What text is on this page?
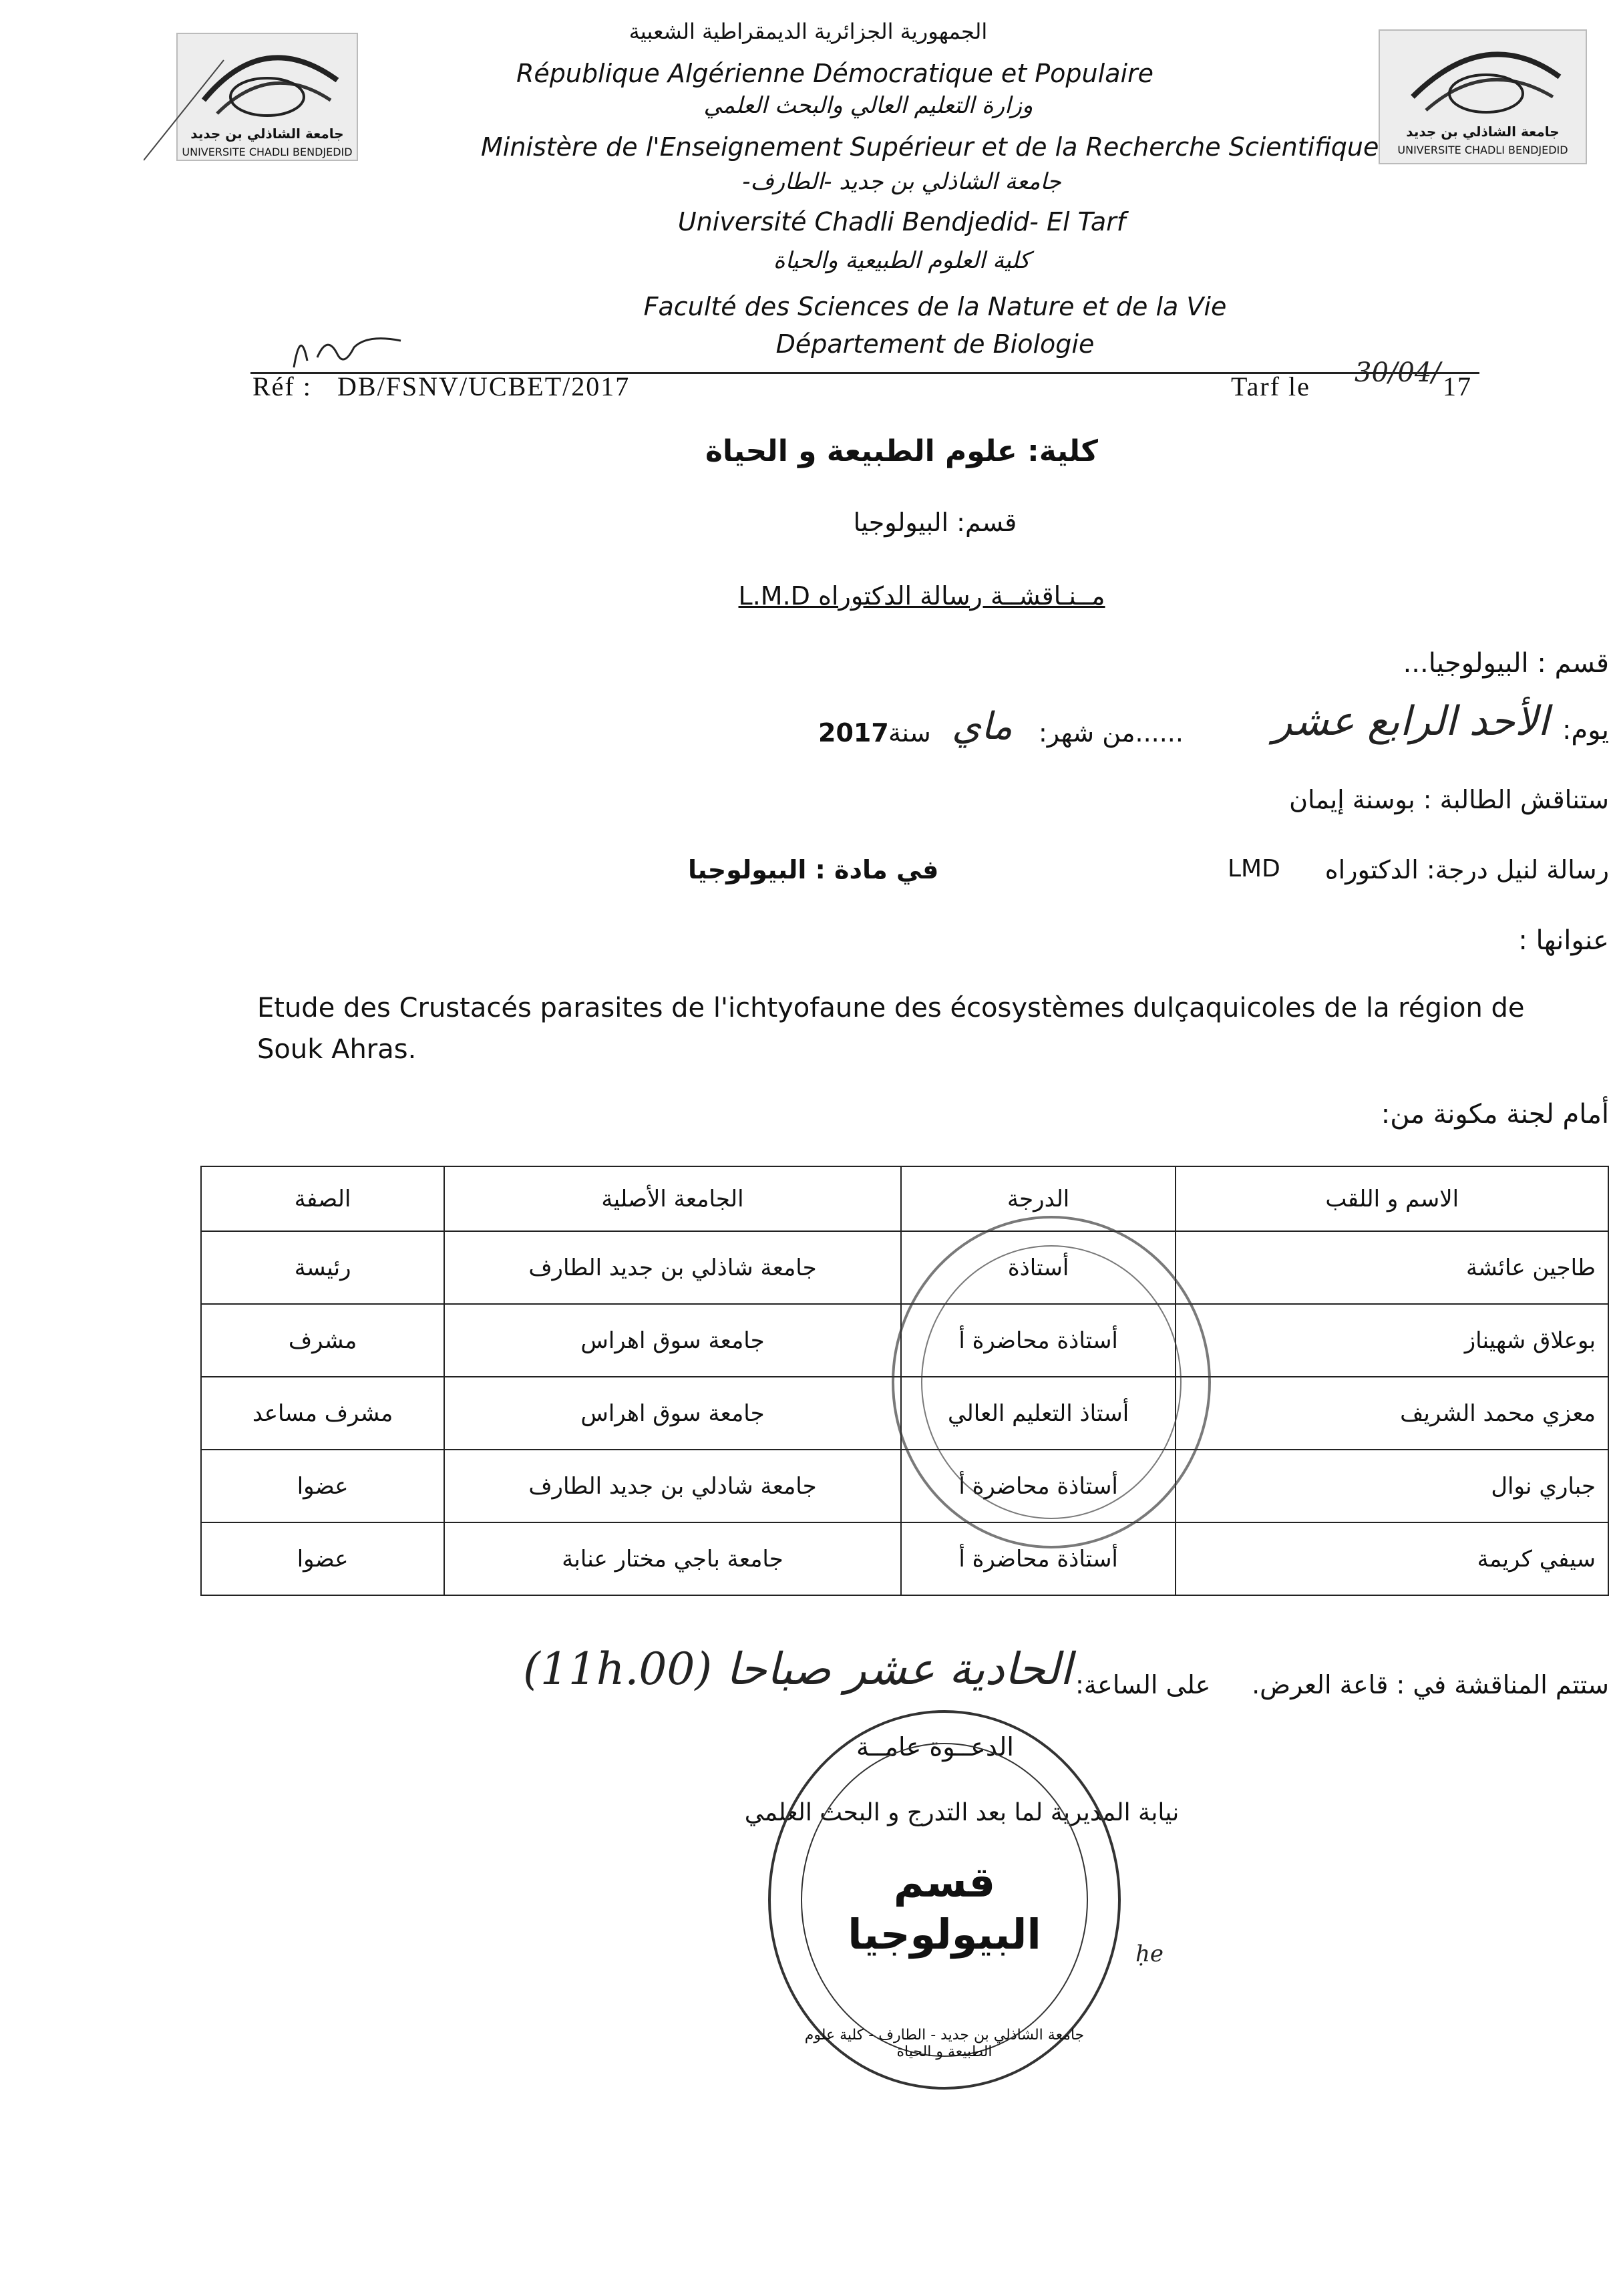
جامعة الشاذلي بن جديد
UNIVERSITE CHADLI BENDJEDID
جامعة الشاذلي بن جديد
UNIVERSITE CHADLI BENDJEDID
الجمهورية الجزائرية الديمقراطية الشعبية
République Algérienne Démocratique et Populaire
وزارة التعليم العالي والبحث العلمي
Ministère de l'Enseignement Supérieur et de la Recherche Scientifique
جامعة الشاذلي بن جديد -الطارف-
Université Chadli Bendjedid- El Tarf
كلية العلوم الطبيعية والحياة
Faculté des Sciences de la Nature et de la Vie
Département de Biologie
Réf : DB/FSNV/UCBET/2017	Tarf le 30/04/ 17
كلية: علوم الطبيعة و الحياة
قسم: البيولوجيا
مــنـاقشــة رسالة الدكتوراه L.M.D
قسم : البيولوجيا...
يوم:
الأحد الرابع عشر
......من شهر:
ماي
سنة
2017
ستناقش الطالبة : بوسنة إيمان
رسالة لنيل درجة: الدكتوراه
LMD
في مادة : البيولوجيا
عنوانها :
Etude des Crustacés parasites de l'ichtyofaune des écosystèmes dulçaquicoles de la région de Souk Ahras.
أمام لجنة مكونة من:
الاسم و اللقب	الدرجة	الجامعة الأصلية	الصفة
طاجين عائشة	أستاذة	جامعة شاذلي بن جديد الطارف	رئيسة
بوعلاق شهيناز	أستاذة محاضرة أ	جامعة سوق اهراس	مشرف
معزي محمد الشريف	أستاذ التعليم العالي	جامعة سوق اهراس	مشرف مساعد
جباري نوال	أستاذة محاضرة أ	جامعة شادلي بن جديد الطارف	عضوا
سيفي كريمة	أستاذة محاضرة أ	جامعة باجي مختار عنابة	عضوا
ستتم المناقشة في : قاعة العرض.
على الساعة:
الحادية عشر صباحا (11h.00)
الدعــوة عامــة
نيابة المديرية لما بعد التدرج و البحث العلمي
قسم البيولوجيا
جامعة الشاذلي بن جديد - الطارف - كلية علوم الطبيعة و الحياة
ḥe
